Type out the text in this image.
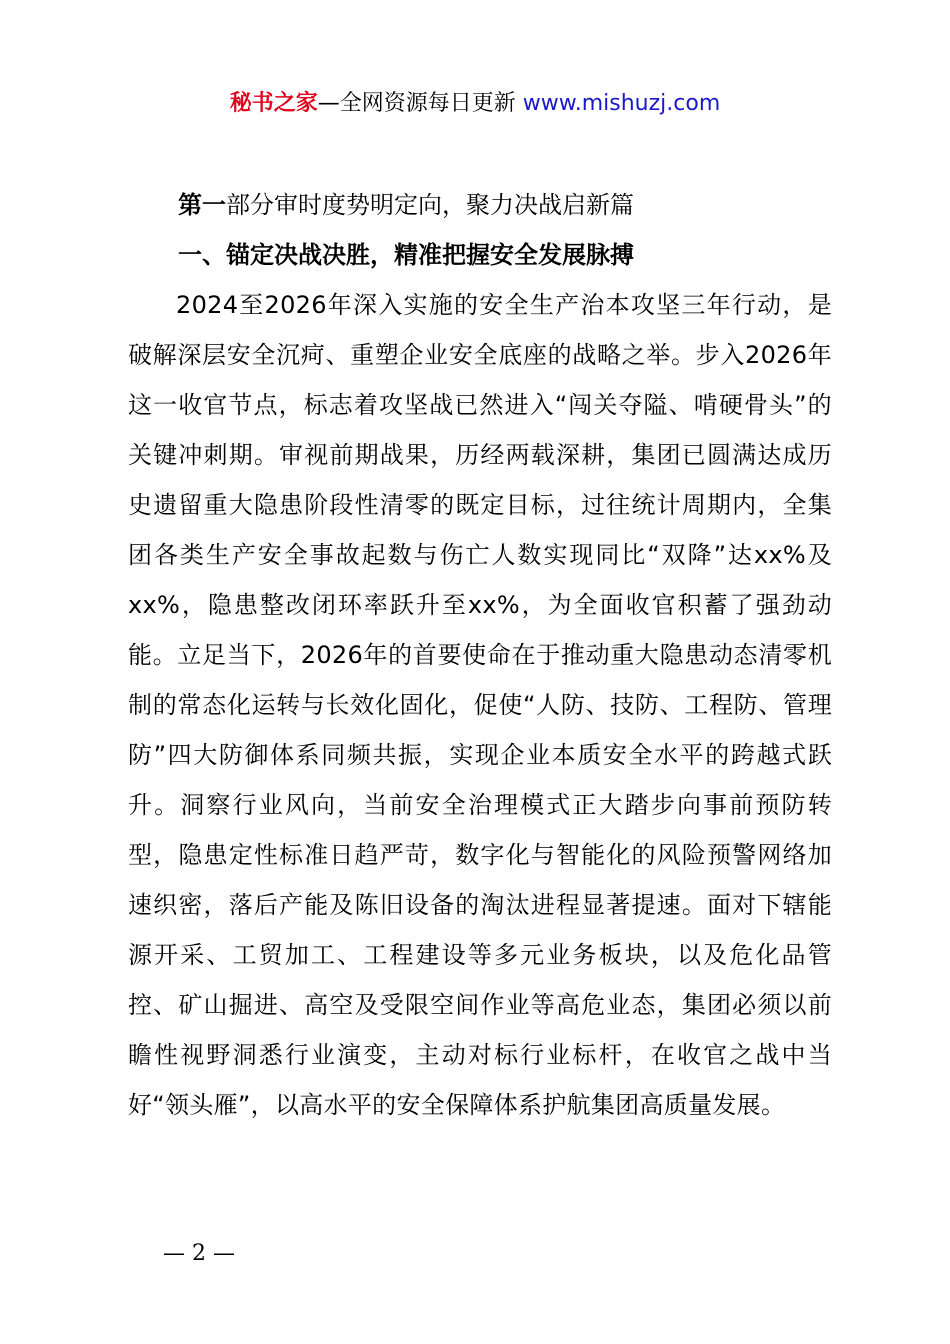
秘书之家—全网资源每日更新 www.mishuzj.com

第一部分审时度势明定向，聚力决战启新篇

一、锚定决战决胜，精准把握安全发展脉搏

2024至2026年深入实施的安全生产治本攻坚三年行动，是破解深层安全沉疴、重塑企业安全底座的战略之举。步入2026年这一收官节点，标志着攻坚战已然进入“闯关夺隘、啃硬骨头”的关键冲刺期。审视前期战果，历经两载深耕，集团已圆满达成历史遗留重大隐患阶段性清零的既定目标，过往统计周期内，全集团各类生产安全事故起数与伤亡人数实现同比“双降”达xx%及xx%，隐患整改闭环率跃升至xx%，为全面收官积蓄了强劲动能。立足当下，2026年的首要使命在于推动重大隐患动态清零机制的常态化运转与长效化固化，促使“人防、技防、工程防、管理防”四大防御体系同频共振，实现企业本质安全水平的跨越式跃升。洞察行业风向，当前安全治理模式正大踏步向事前预防转型，隐患定性标准日趋严苛，数字化与智能化的风险预警网络加速织密，落后产能及陈旧设备的淘汰进程显著提速。面对下辖能源开采、工贸加工、工程建设等多元业务板块，以及危化品管控、矿山掘进、高空及受限空间作业等高危业态，集团必须以前瞻性视野洞悉行业演变，主动对标行业标杆，在收官之战中当好“领头雁”，以高水平的安全保障体系护航集团高质量发展。

— 2 —
